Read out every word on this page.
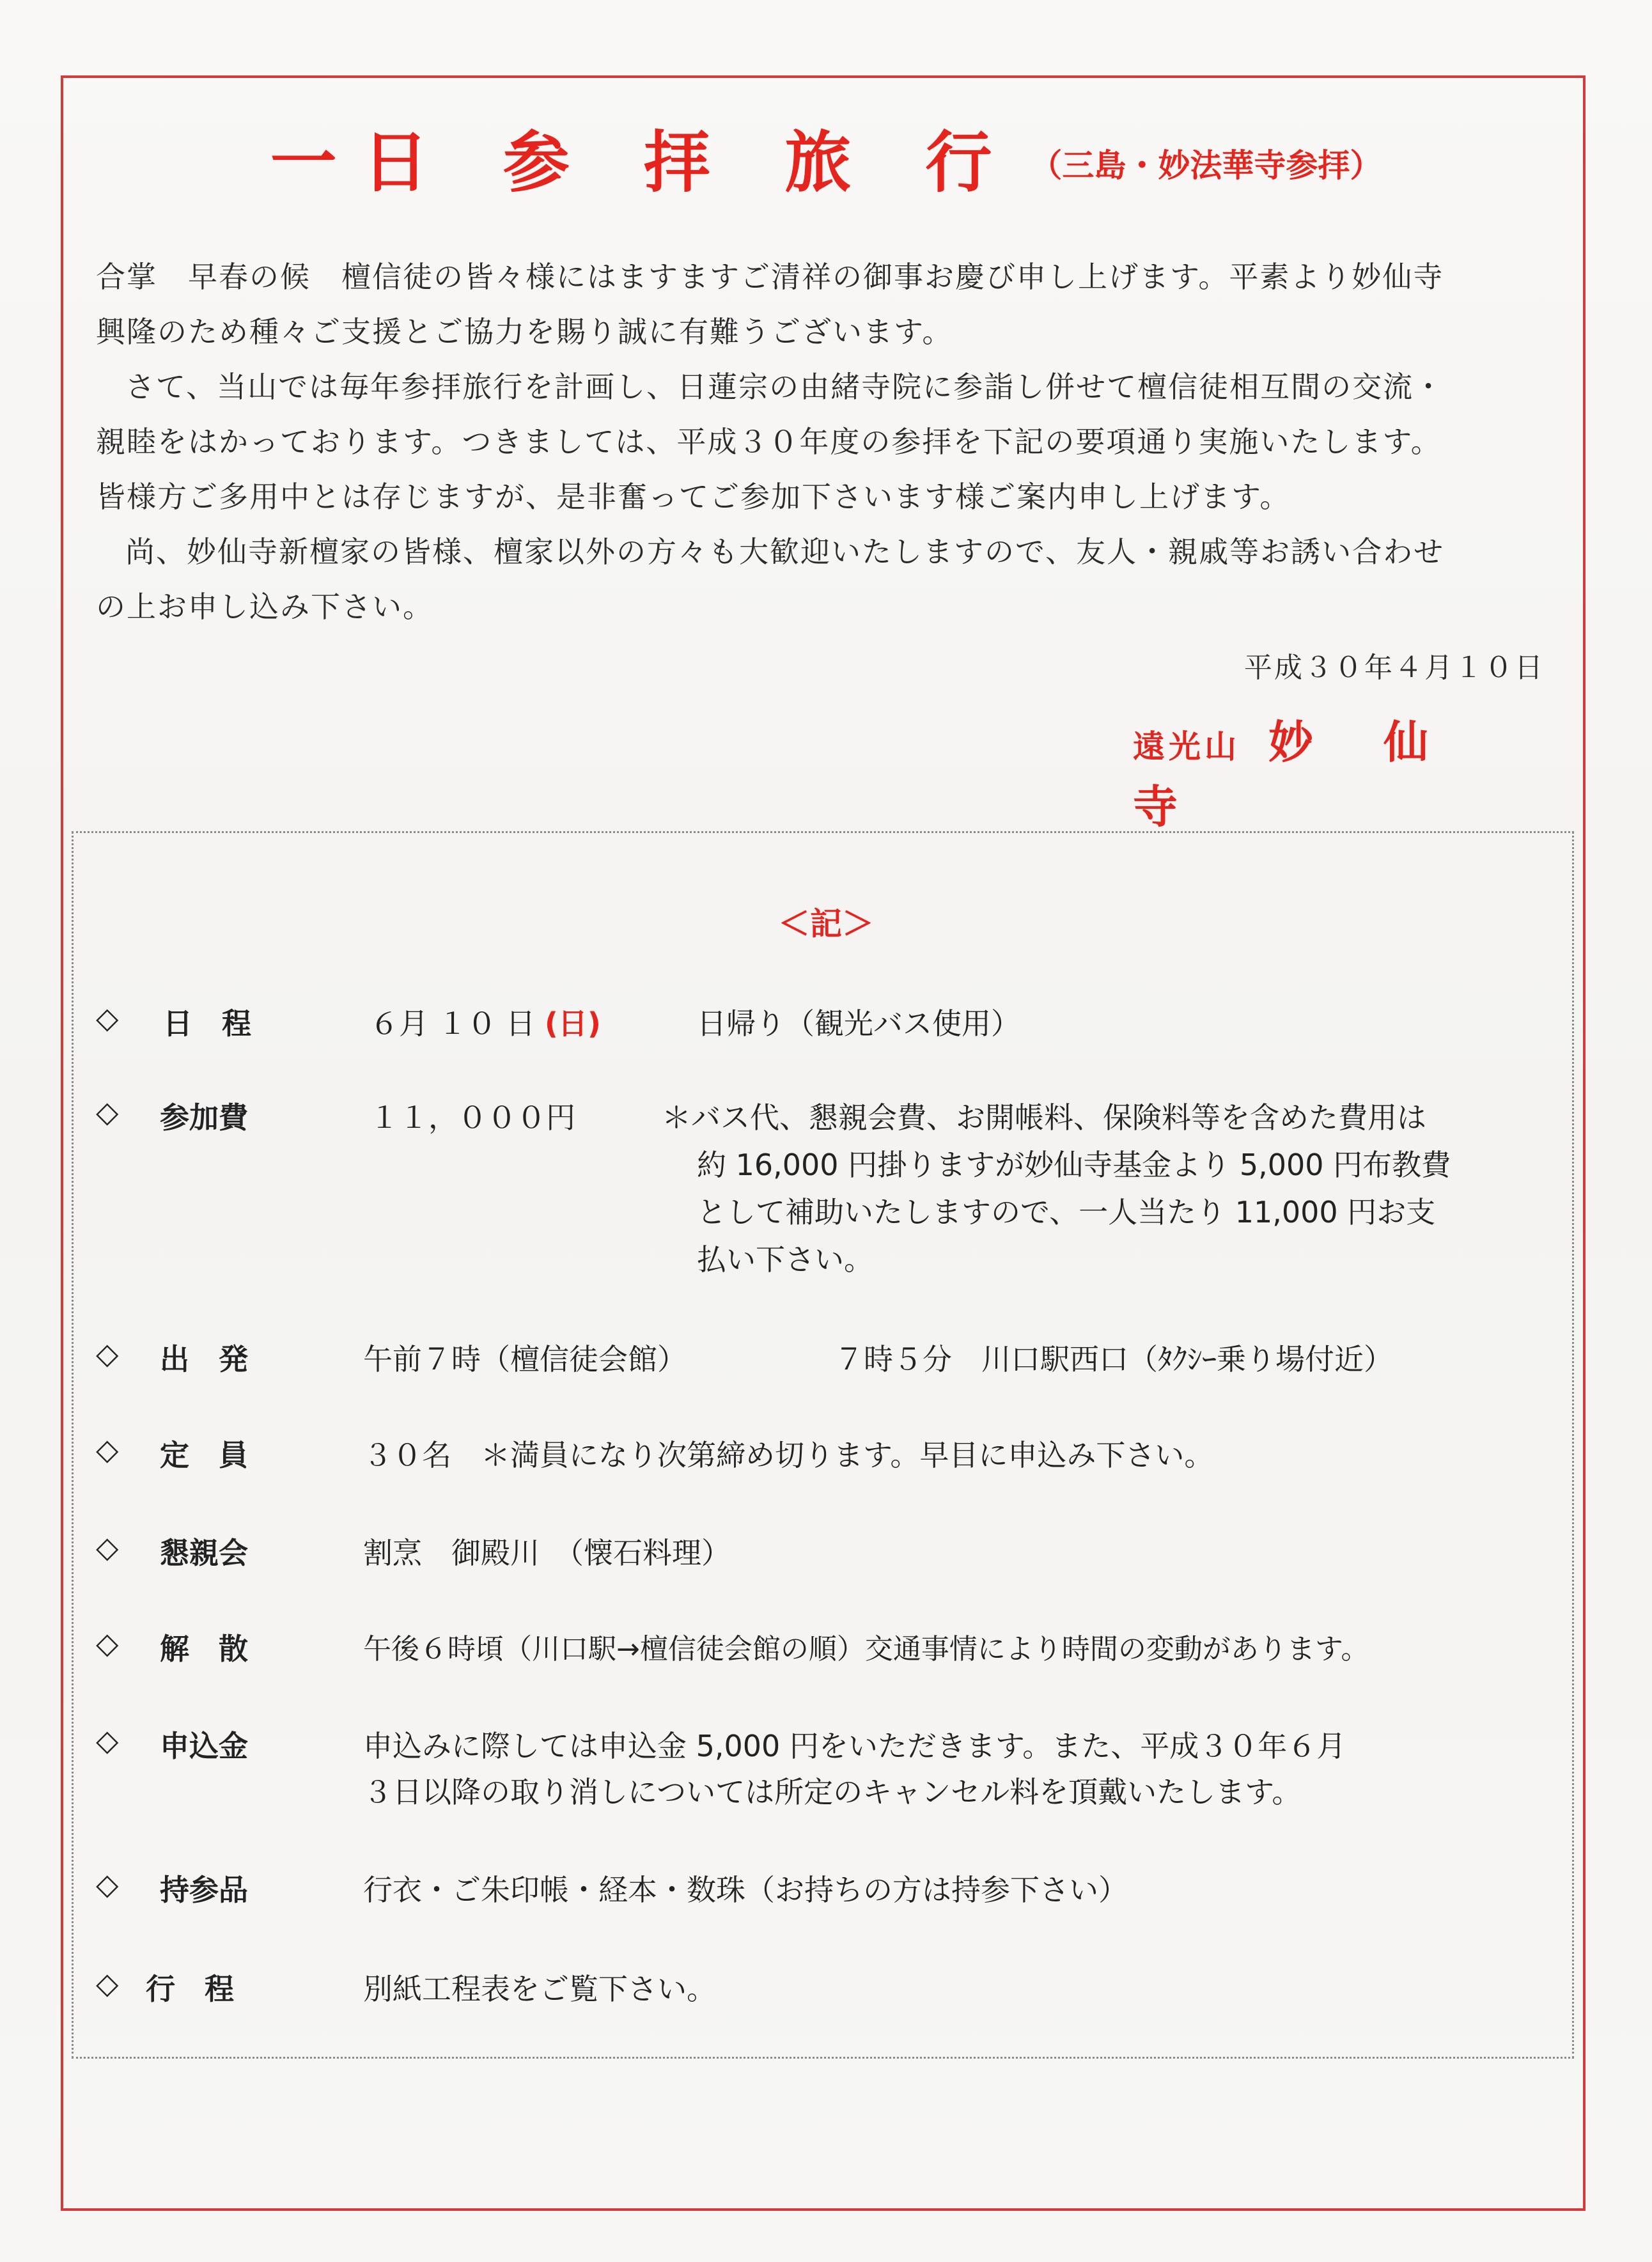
一日 参 拝 旅 行 （三島・妙法華寺参拝）

合掌　早春の候　檀信徒の皆々様にはますますご清祥の御事お慶び申し上げます。平素より妙仙寺

興隆のため種々ご支援とご協力を賜り誠に有難うございます。

さて、当山では毎年参拝旅行を計画し、日蓮宗の由緒寺院に参詣し併せて檀信徒相互間の交流・

親睦をはかっております。つきましては、平成３０年度の参拝を下記の要項通り実施いたします。

皆様方ご多用中とは存じますが、是非奮ってご参加下さいます様ご案内申し上げます。

尚、妙仙寺新檀家の皆様、檀家以外の方々も大歓迎いたしますので、友人・親戚等お誘い合わせ

の上お申し込み下さい。

平成３０年４月１０日
遠光山 妙仙寺
＜記＞
◇ 日　程	６月 １０ 日 (日)	日帰り（観光バス使用）
◇ 参加費	１１，０００円	＊バス代、懇親会費、お開帳料、保険料等を含めた費用は
約 16,000 円掛りますが妙仙寺基金より 5,000 円布教費
として補助いたしますので、一人当たり 11,000 円お支
払い下さい。
◇ 出　発	午前７時（檀信徒会館）	７時５分　川口駅西口（ﾀｸｼｰ乗り場付近）
◇ 定　員	３０名　＊満員になり次第締め切ります。早目に申込み下さい。
◇ 懇親会	割烹　御殿川　（懐石料理）
◇ 解　散	午後６時頃（川口駅→檀信徒会館の順）交通事情により時間の変動があります。
◇ 申込金	申込みに際しては申込金 5,000 円をいただきます。また、平成３０年６月
３日以降の取り消しについては所定のキャンセル料を頂戴いたします。
◇ 持参品	行衣・ご朱印帳・経本・数珠（お持ちの方は持参下さい）
◇ 行　程	別紙工程表をご覧下さい。
